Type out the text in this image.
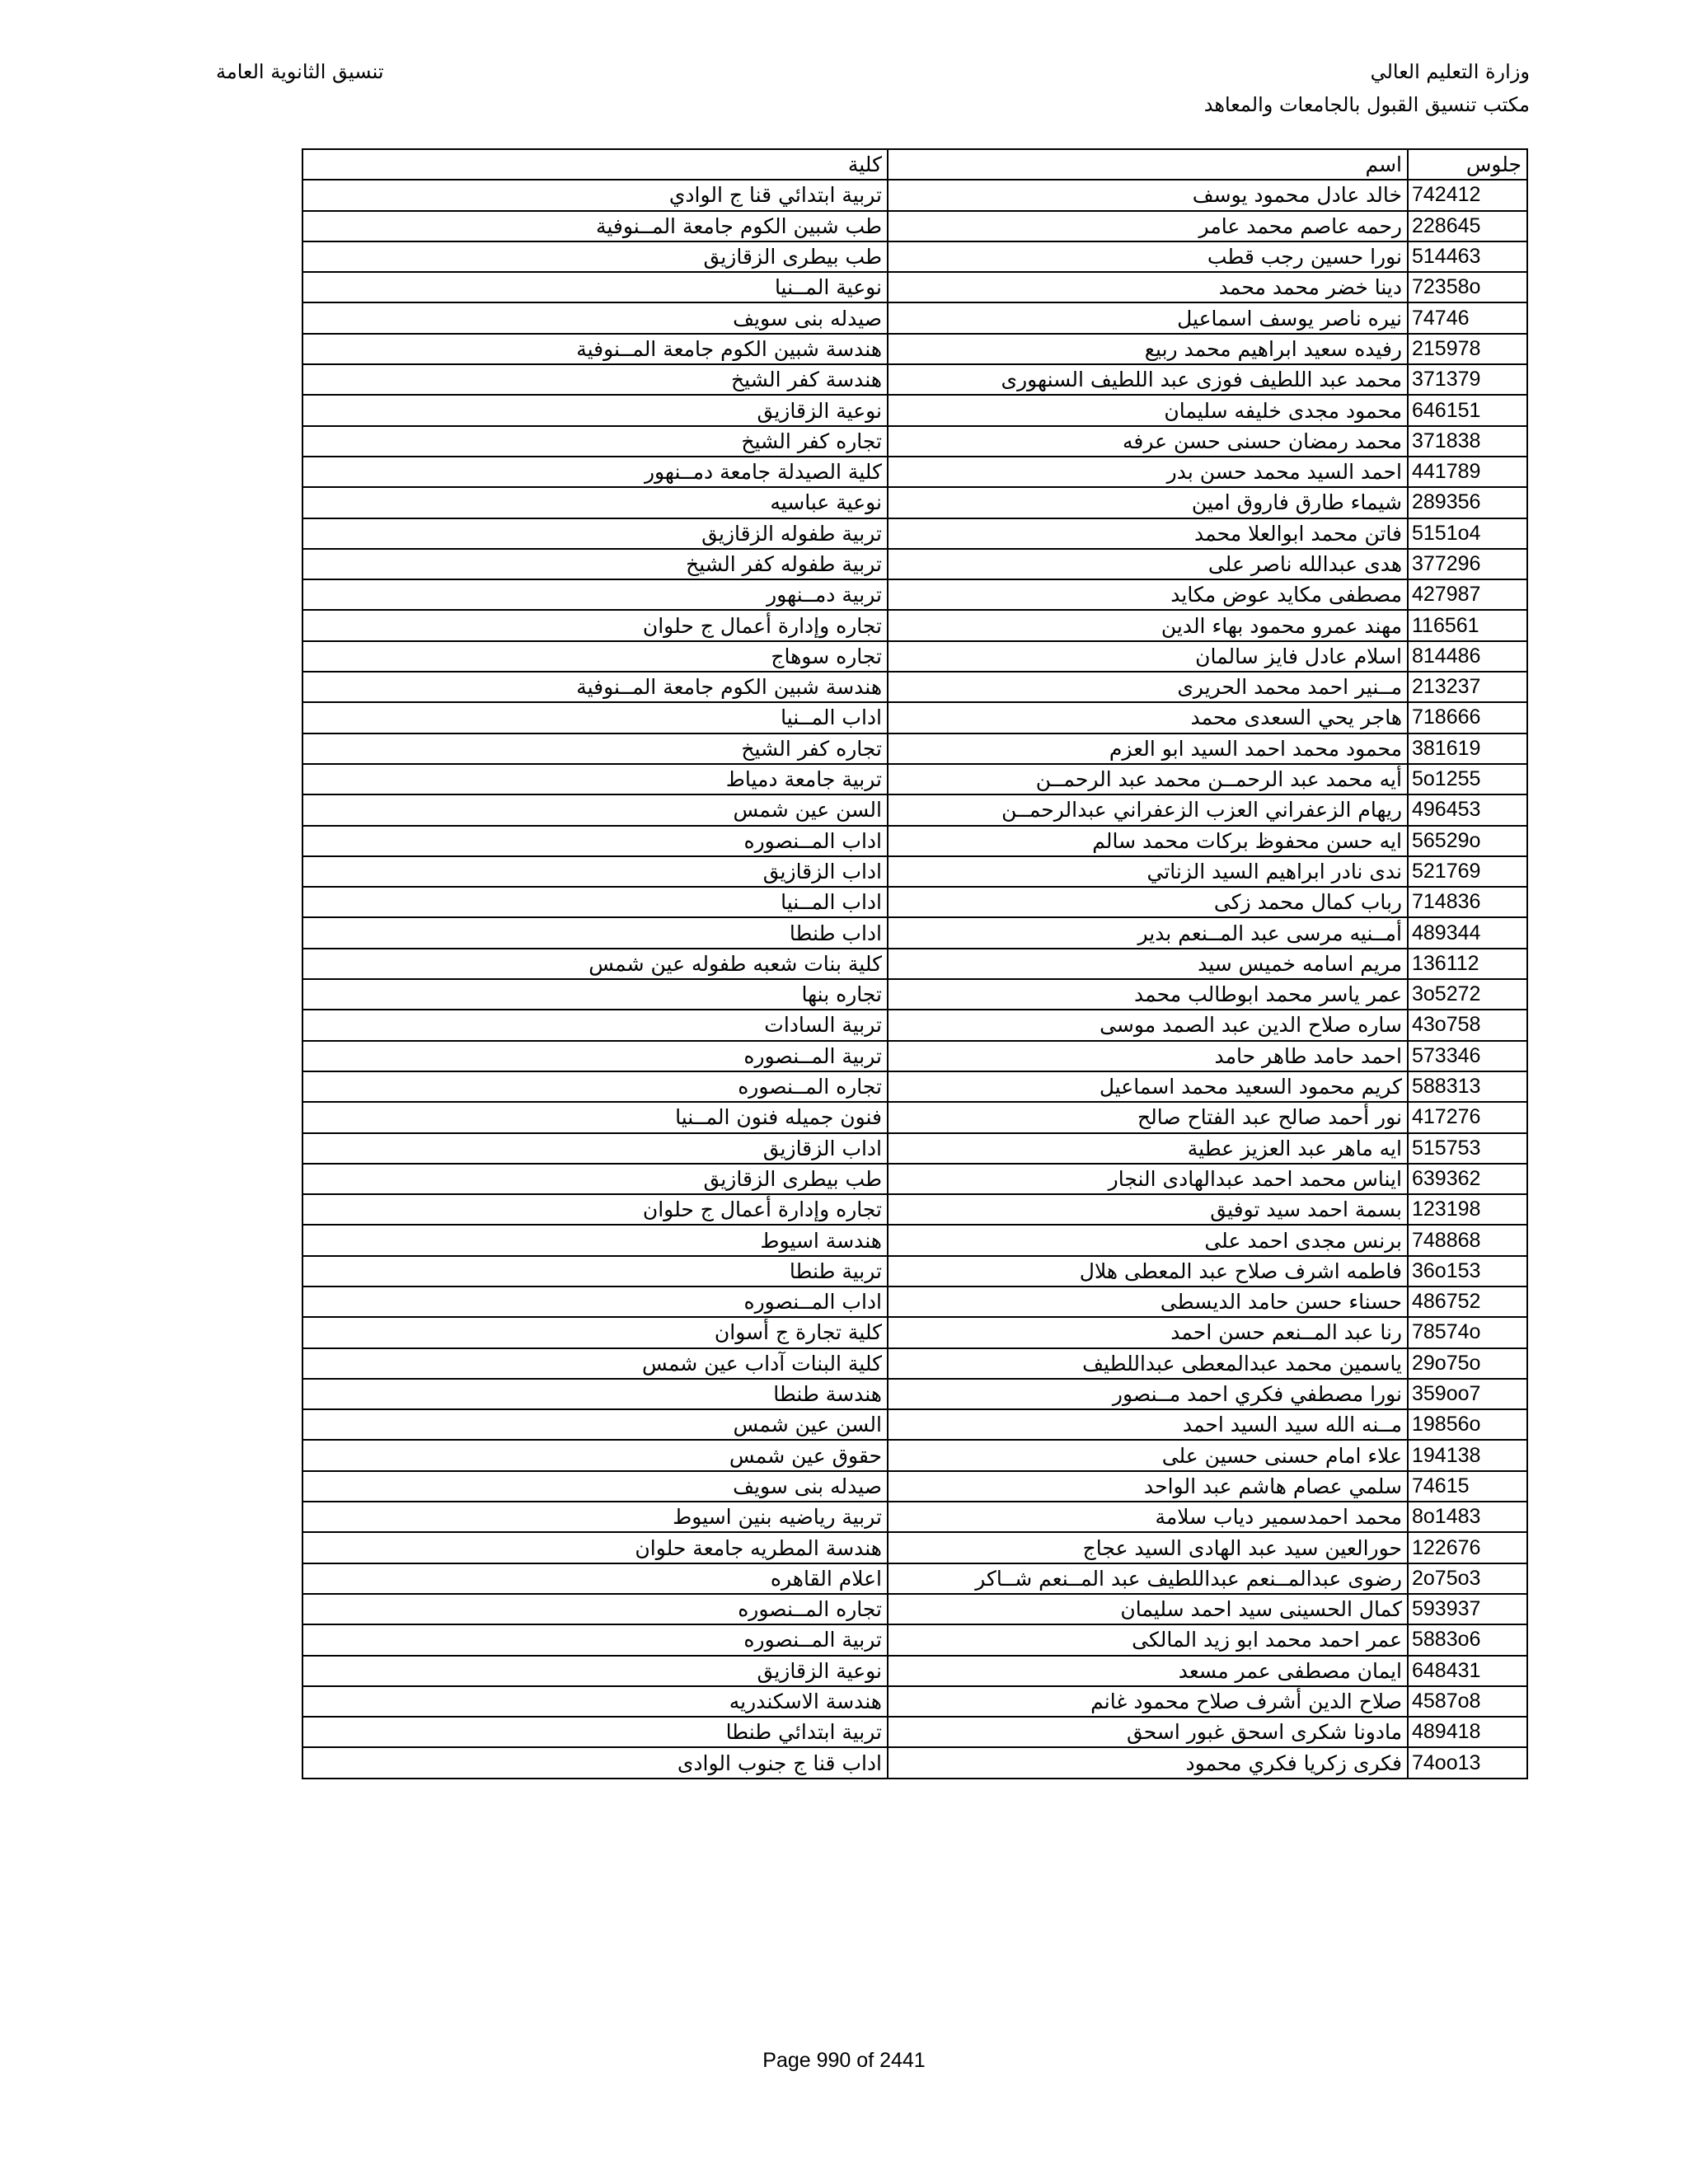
وزارة التعليم العالي
مكتب تنسيق القبول بالجامعات والمعاهد
تنسيق الثانوية العامة
جلوس	اسم	كلية
742412	خالد عادل محمود يوسف	تربية ابتدائي قنا ج الوادي
228645	رحمه عاصم محمد عامر	طب شبين الكوم جامعة المــنوفية
514463	نورا حسين رجب قطب	طب بيطرى الزقازيق
72358o	دينا خضر محمد محمد	نوعية المــنيا
74746	نيره ناصر يوسف اسماعيل	صيدله بنى سويف
215978	رفيده سعيد ابراهيم محمد ربيع	هندسة شبين الكوم جامعة المــنوفية
371379	محمد عبد اللطيف فوزى عبد اللطيف السنهورى	هندسة كفر الشيخ
646151	محمود مجدى خليفه سليمان	نوعية الزقازيق
371838	محمد رمضان حسنى حسن عرفه	تجاره كفر الشيخ
441789	احمد السيد محمد حسن بدر	كلية الصيدلة جامعة دمــنهور
289356	شيماء طارق فاروق امين	نوعية عباسيه
5151o4	فاتن محمد ابوالعلا محمد	تربية طفوله الزقازيق
377296	هدى عبدالله ناصر على	تربية طفوله كفر الشيخ
427987	مصطفى مكايد عوض مكايد	تربية دمــنهور
116561	مهند عمرو محمود بهاء الدين	تجاره وإدارة أعمال ج حلوان
814486	اسلام عادل فايز سالمان	تجاره سوهاج
213237	مــنير احمد محمد الحريرى	هندسة شبين الكوم جامعة المــنوفية
718666	هاجر يحي السعدى محمد	اداب المــنيا
381619	محمود محمد احمد السيد ابو العزم	تجاره كفر الشيخ
5o1255	أيه محمد عبد الرحمــن محمد عبد الرحمــن	تربية جامعة دمياط
496453	ريهام الزعفراني العزب الزعفراني عبدالرحمــن	السن عين شمس
56529o	ايه حسن محفوظ بركات محمد سالم	اداب المــنصوره
521769	ندى نادر ابراهيم السيد الزناتي	اداب الزقازيق
714836	رباب كمال محمد زكى	اداب المــنيا
489344	أمــنيه مرسى عبد المــنعم بدير	اداب طنطا
136112	مريم اسامه خميس سيد	كلية بنات شعبه طفوله عين شمس
3o5272	عمر ياسر محمد ابوطالب محمد	تجاره بنها
43o758	ساره صلاح الدين عبد الصمد موسى	تربية السادات
573346	احمد حامد طاهر حامد	تربية المــنصوره
588313	كريم محمود السعيد محمد اسماعيل	تجاره المــنصوره
417276	نور أحمد صالح عبد الفتاح صالح	فنون جميله فنون المــنيا
515753	ايه ماهر عبد العزيز عطية	اداب الزقازيق
639362	ايناس محمد احمد عبدالهادى النجار	طب بيطرى الزقازيق
123198	بسمة احمد سيد توفيق	تجاره وإدارة أعمال ج حلوان
748868	برنس مجدى احمد على	هندسة اسيوط
36o153	فاطمه اشرف صلاح عبد المعطى هلال	تربية طنطا
486752	حسناء حسن حامد الديسطى	اداب المــنصوره
78574o	رنا عبد المــنعم حسن احمد	كلية تجارة ج أسوان
29o75o	ياسمين محمد عبدالمعطى عبداللطيف	كلية البنات آداب عين شمس
359oo7	نورا مصطفي فكري احمد مــنصور	هندسة طنطا
19856o	مــنه الله سيد السيد احمد	السن عين شمس
194138	علاء امام حسنى حسين على	حقوق عين شمس
74615	سلمي عصام هاشم عبد الواحد	صيدله بنى سويف
8o1483	محمد احمدسمير دياب سلامة	تربية رياضيه بنين اسيوط
122676	حورالعين سيد عبد الهادى السيد عجاج	هندسة المطريه جامعة حلوان
2o75o3	رضوى عبدالمــنعم عبداللطيف عبد المــنعم شــاكر	اعلام القاهره
593937	كمال الحسينى سيد احمد سليمان	تجاره المــنصوره
5883o6	عمر احمد محمد ابو زيد المالكى	تربية المــنصوره
648431	ايمان مصطفى عمر مسعد	نوعية الزقازيق
4587o8	صلاح الدين أشرف صلاح محمود غانم	هندسة الاسكندريه
489418	مادونا شكرى اسحق غبور اسحق	تربية ابتدائي طنطا
74oo13	فكرى زكريا فكري محمود	اداب قنا ج جنوب الوادى
Page 990 of 2441
